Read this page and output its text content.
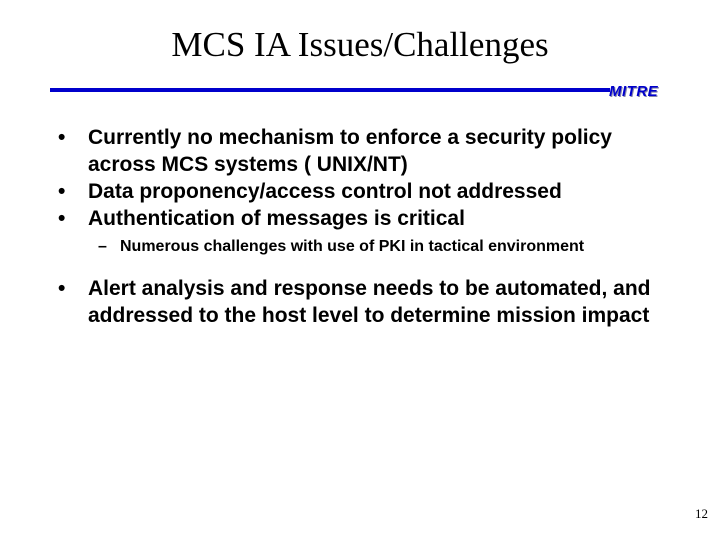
MCS IA Issues/Challenges
MITRE
•	Currently no mechanism to enforce a security policy across MCS systems ( UNIX/NT)
•	Data proponency/access control not addressed
•	Authentication of messages is critical
– Numerous challenges with use of PKI in tactical environment
•	Alert analysis and response needs to be automated, and addressed to the host level to determine mission impact
12
